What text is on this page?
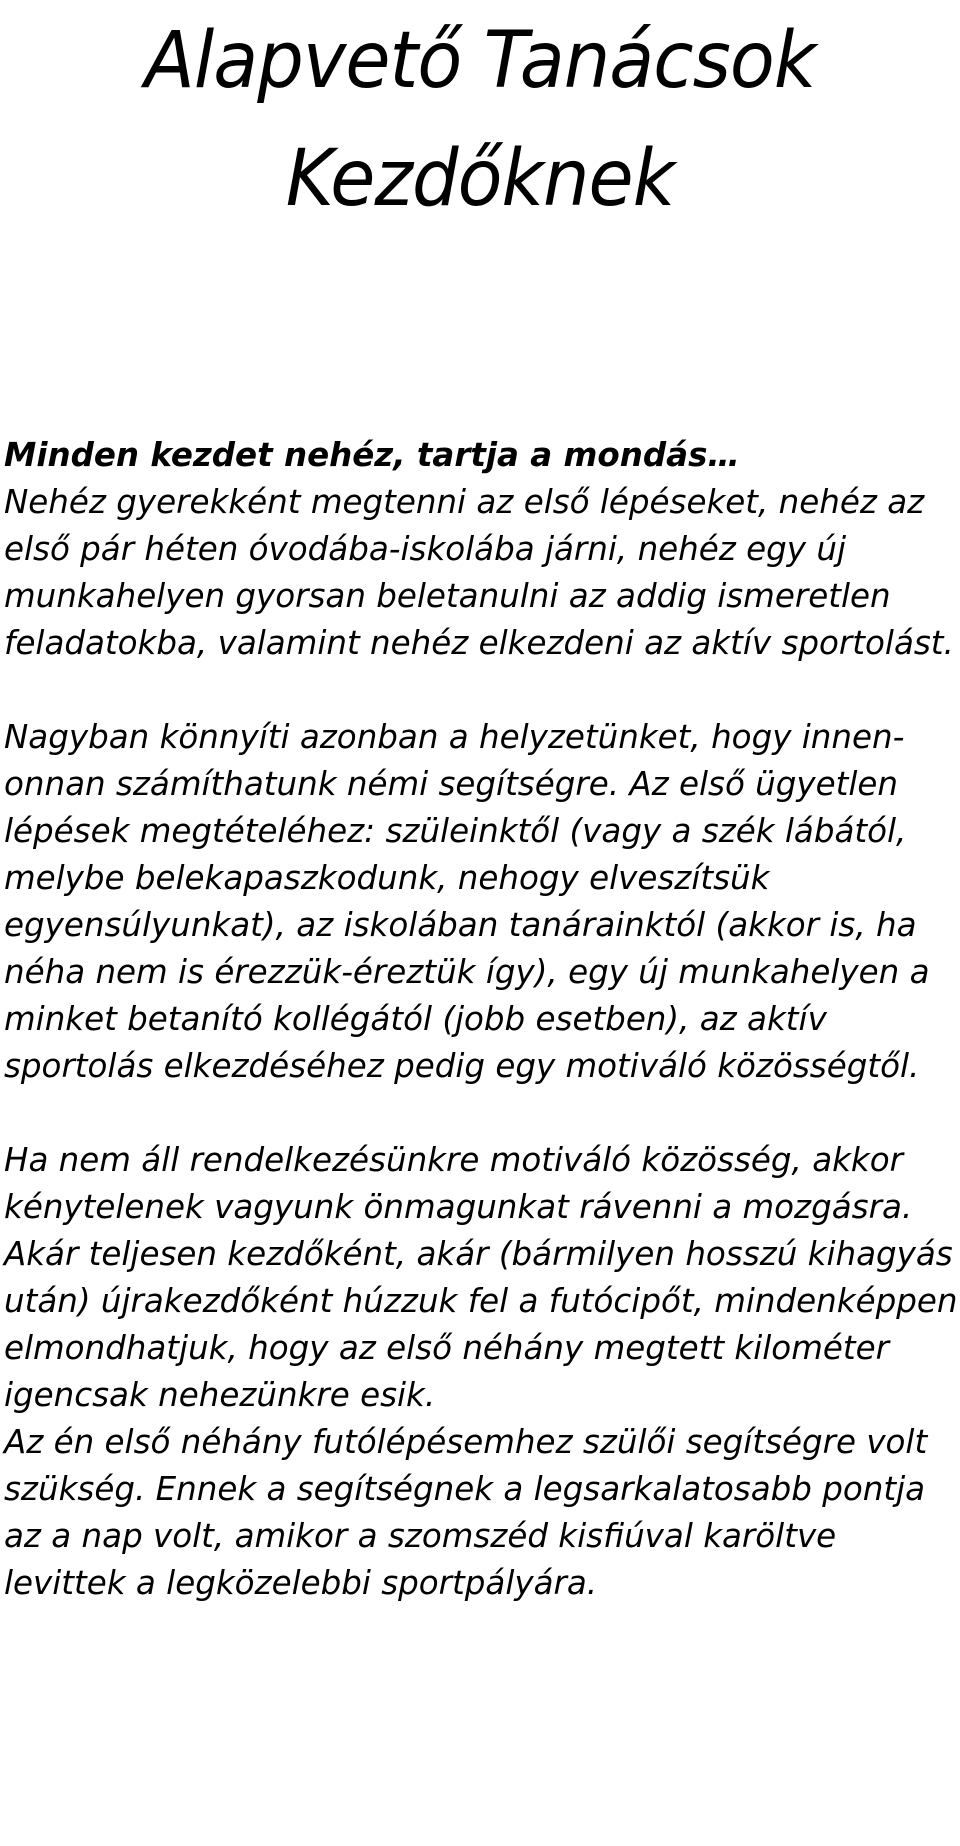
Alapvető Tanácsok
Kezdőknek

Minden kezdet nehéz, tartja a mondás…
Nehéz gyerekként megtenni az első lépéseket, nehéz az első pár héten óvodába-iskolába járni, nehéz egy új munkahelyen gyorsan beletanulni az addig ismeretlen feladatokba, valamint nehéz elkezdeni az aktív sportolást.

Nagyban könnyíti azonban a helyzetünket, hogy innen-onnan számíthatunk némi segítségre. Az első ügyetlen lépések megtételéhez: szüleinktől (vagy a szék lábától, melybe belekapaszkodunk, nehogy elveszítsük egyensúlyunkat), az iskolában tanárainktól (akkor is, ha néha nem is érezzük-éreztük így), egy új munkahelyen a minket betanító kollégától (jobb esetben), az aktív sportolás elkezdéséhez pedig egy motiváló közösségtől.

Ha nem áll rendelkezésünkre motiváló közösség, akkor kénytelenek vagyunk önmagunkat rávenni a mozgásra. Akár teljesen kezdőként, akár (bármilyen hosszú kihagyás után) újrakezdőként húzzuk fel a futócipőt, mindenképpen elmondhatjuk, hogy az első néhány megtett kilométer igencsak nehezünkre esik.

Az én első néhány futólépésemhez szülői segítségre volt szükség. Ennek a segítségnek a legsarkalatosabb pontja az a nap volt, amikor a szomszéd kisfiúval karöltve levittek a legközelebbi sportpályára.
